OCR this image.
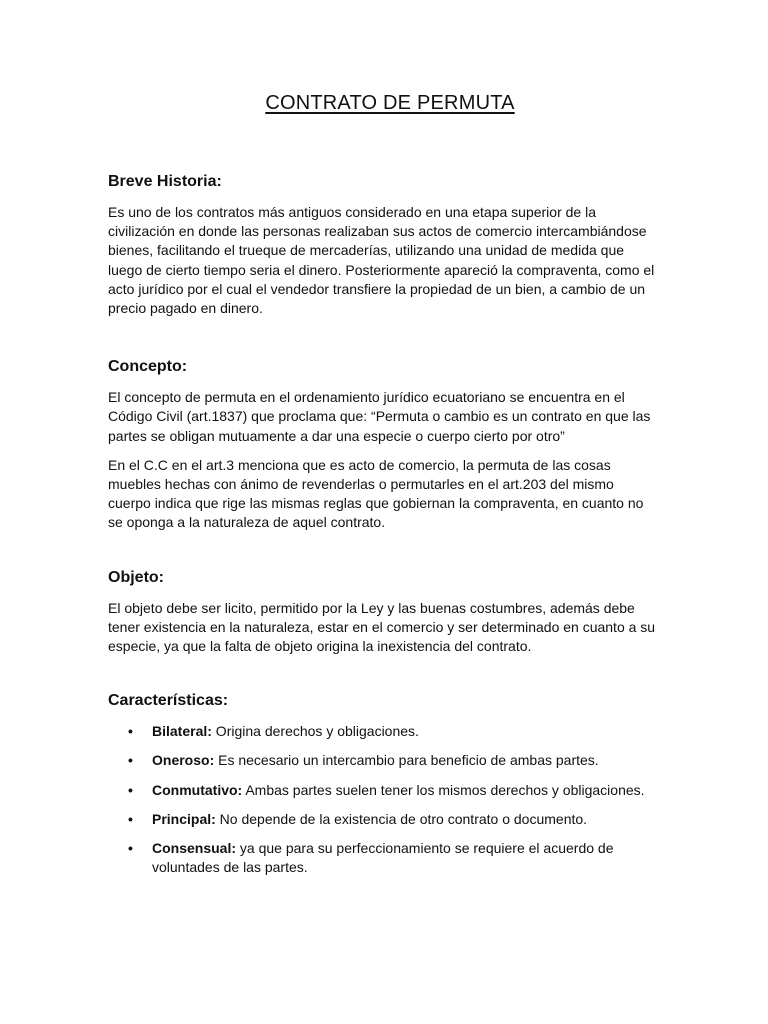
CONTRATO DE PERMUTA
Breve Historia:

Es uno de los contratos más antiguos considerado en una etapa superior de la civilización en donde las personas realizaban sus actos de comercio intercambiándose bienes, facilitando el trueque de mercaderías, utilizando una unidad de medida que luego de cierto tiempo seria el dinero. Posteriormente apareció la compraventa, como el acto jurídico por el cual el vendedor transfiere la propiedad de un bien, a cambio de un precio pagado en dinero.

Concepto:

El concepto de permuta en el ordenamiento jurídico ecuatoriano se encuentra en el Código Civil (art.1837) que proclama que: “Permuta o cambio es un contrato en que las partes se obligan mutuamente a dar una especie o cuerpo cierto por otro”

En el C.C en el art.3 menciona que es acto de comercio, la permuta de las cosas muebles hechas con ánimo de revenderlas o permutarles en el art.203 del mismo cuerpo indica que rige las mismas reglas que gobiernan la compraventa, en cuanto no se oponga a la naturaleza de aquel contrato.

Objeto:

El objeto debe ser licito, permitido por la Ley y las buenas costumbres, además debe tener existencia en la naturaleza, estar en el comercio y ser determinado en cuanto a su especie, ya que la falta de objeto origina la inexistencia del contrato.

Características:
• Bilateral: Origina derechos y obligaciones.
• Oneroso: Es necesario un intercambio para beneficio de ambas partes.
• Conmutativo: Ambas partes suelen tener los mismos derechos y obligaciones.
• Principal: No depende de la existencia de otro contrato o documento.
• Consensual: ya que para su perfeccionamiento se requiere el acuerdo de voluntades de las partes.
